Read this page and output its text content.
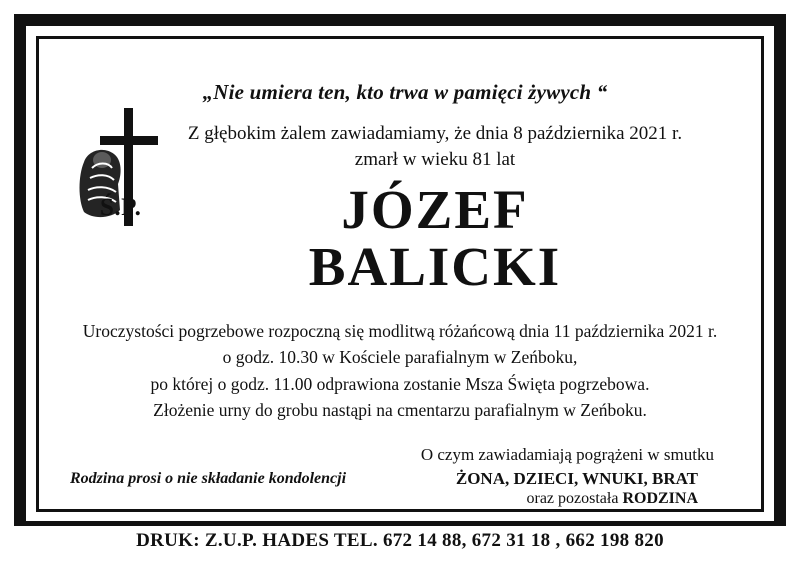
„Nie umiera ten, kto trwa w pamięci żywych “
Ś.P.
Z głębokim żalem zawiadamiamy, że dnia 8 października 2021 r.
zmarł w wieku 81 lat
JÓZEF
BALICKI
Uroczystości pogrzebowe rozpoczną się modlitwą różańcową dnia 11 października 2021 r.
o godz. 10.30 w Kościele parafialnym w Zeńboku,
po której o godz. 11.00 odprawiona zostanie Msza Święta pogrzebowa.
Złożenie urny do grobu nastąpi na cmentarzu parafialnym w Zeńboku.
O czym zawiadamiają pogrążeni w smutku
ŻONA, DZIECI, WNUKI, BRAT
oraz pozostała RODZINA
Rodzina prosi o nie składanie kondolencji
DRUK: Z.U.P. HADES TEL. 672 14 88, 672 31 18 , 662 198 820
